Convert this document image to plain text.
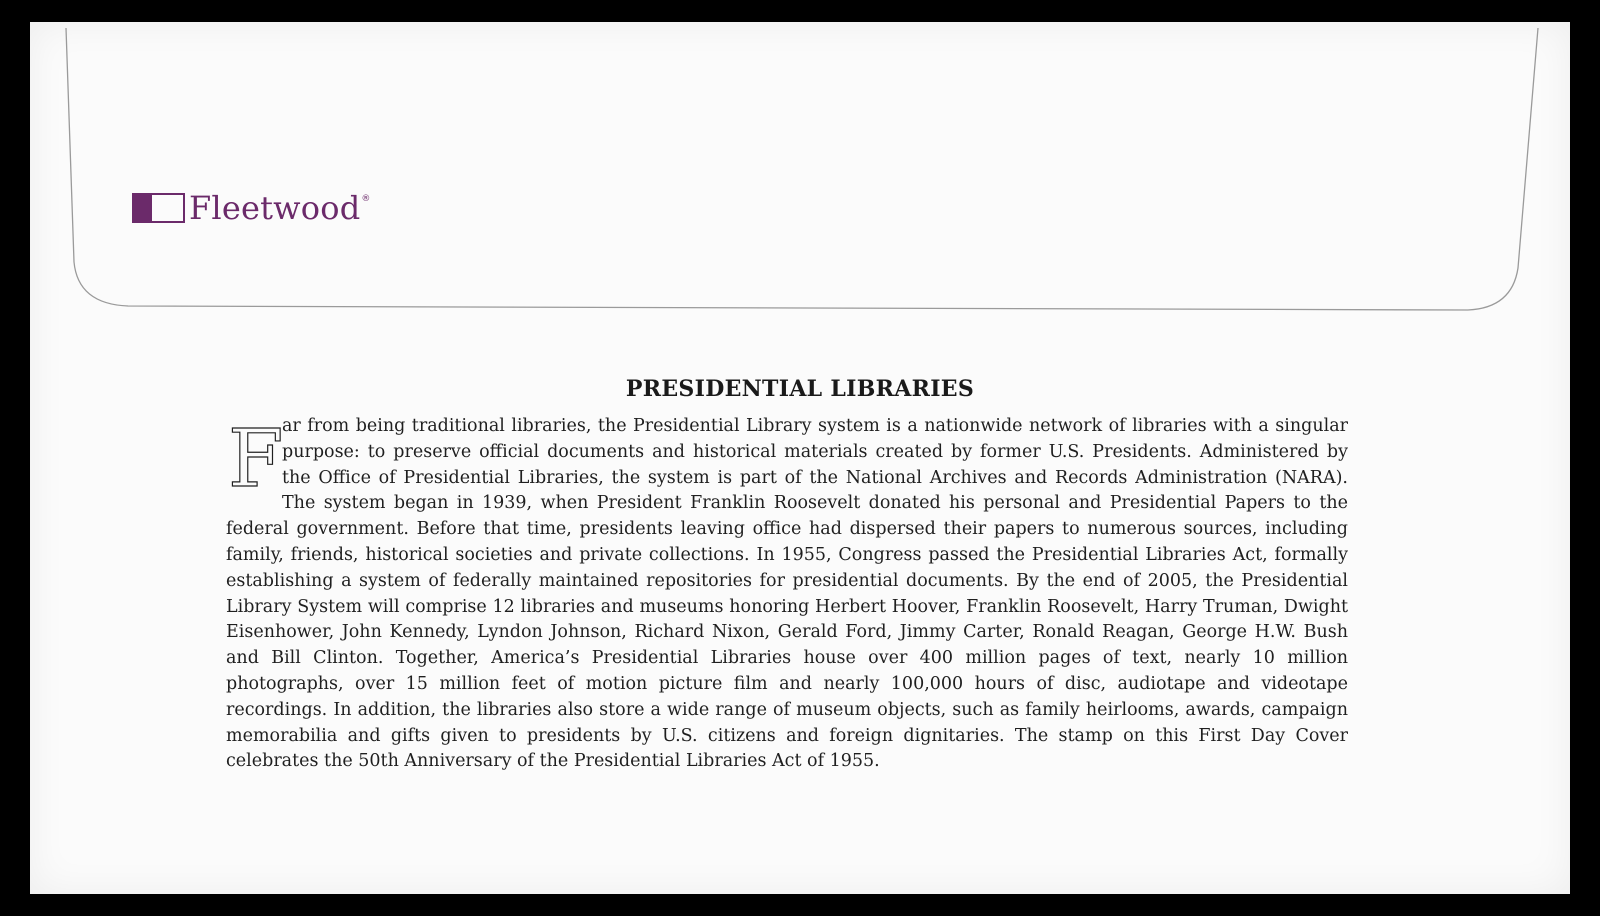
Fleetwood ®
PRESIDENTIAL LIBRARIES

F
ar from being traditional libraries, the Presidential Library system is a nationwide network of libraries with a singular purpose: to preserve official documents and historical materials created by former U.S. Presidents. Administered by the Office of Presidential Libraries, the system is part of the National Archives and Records Administration (NARA). The system began in 1939, when President Franklin Roosevelt donated his personal and Presidential Papers to the federal government. Before that time, presidents leaving office had dispersed their papers to numerous sources, including family, friends, historical societies and private collections. In 1955, Congress passed the Presidential Libraries Act, formally establishing a system of federally maintained repositories for presidential documents. By the end of 2005, the Presidential Library System will comprise 12 libraries and museums honoring Herbert Hoover, Franklin Roosevelt, Harry Truman, Dwight Eisenhower, John Kennedy, Lyndon Johnson, Richard Nixon, Gerald Ford, Jimmy Carter, Ronald Reagan, George H.W. Bush and Bill Clinton. Together, America’s Presidential Libraries house over 400 million pages of text, nearly 10 million photographs, over 15 million feet of motion picture film and nearly 100,000 hours of disc, audiotape and videotape recordings. In addition, the libraries also store a wide range of museum objects, such as family heirlooms, awards, campaign memorabilia and gifts given to presidents by U.S. citizens and foreign dignitaries. The stamp on this First Day Cover celebrates the 50th Anniversary of the Presidential Libraries Act of 1955.
